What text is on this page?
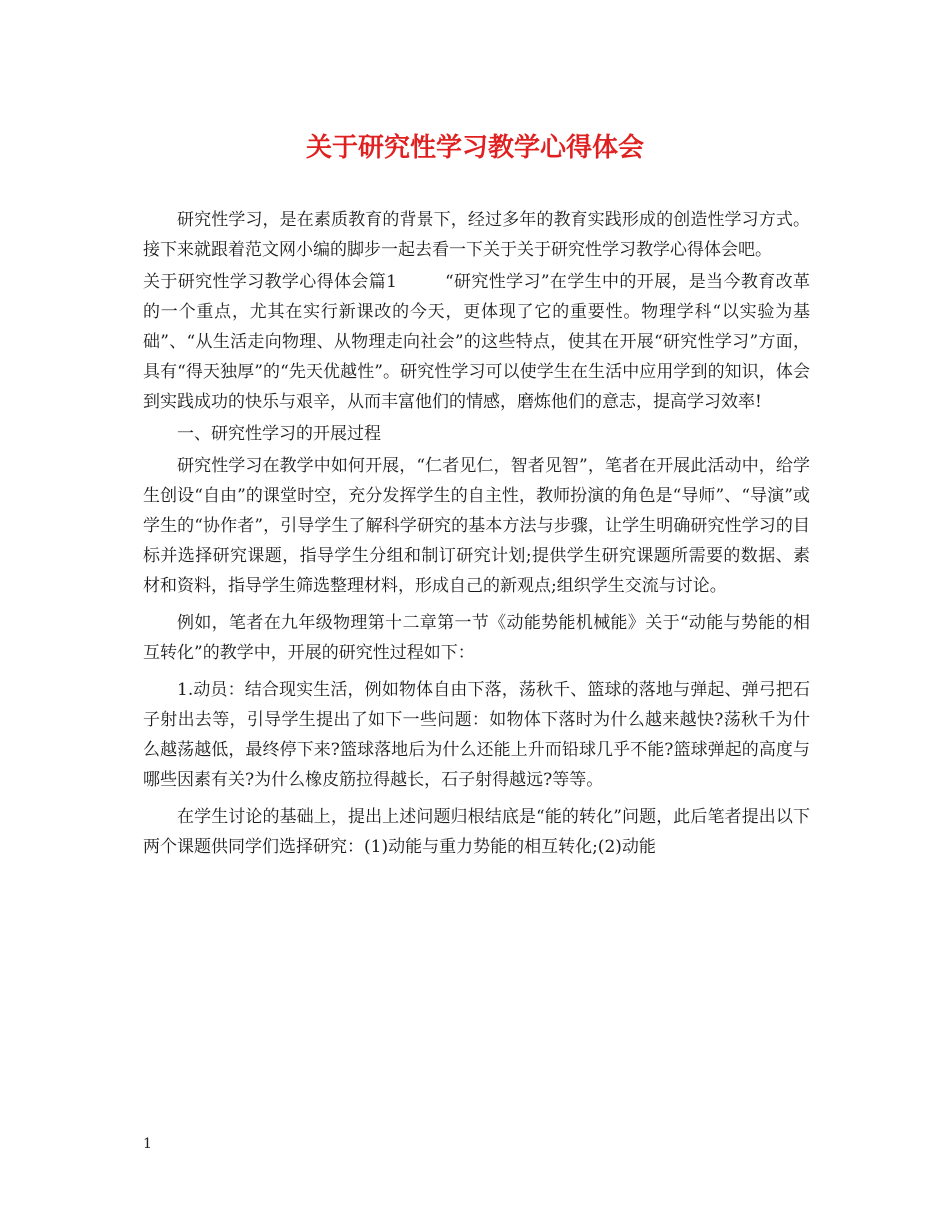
关于研究性学习教学心得体会

研究性学习，是在素质教育的背景下，经过多年的教育实践形成的创造性学习方式。接下来就跟着范文网小编的脚步一起去看一下关于关于研究性学习教学心得体会吧。

关于研究性学习教学心得体会篇1	“研究性学习”在学生中的开展，是当今教育改革的一个重点，尤其在实行新课改的今天，更体现了它的重要性。物理学科“以实验为基础”、“从生活走向物理、从物理走向社会”的这些特点，使其在开展“研究性学习”方面，具有“得天独厚”的“先天优越性”。研究性学习可以使学生在生活中应用学到的知识，体会到实践成功的快乐与艰辛，从而丰富他们的情感，磨炼他们的意志，提高学习效率!

一、研究性学习的开展过程

研究性学习在教学中如何开展，“仁者见仁，智者见智”，笔者在开展此活动中，给学生创设“自由”的课堂时空，充分发挥学生的自主性，教师扮演的角色是“导师”、“导演”或学生的“协作者”，引导学生了解科学研究的基本方法与步骤，让学生明确研究性学习的目标并选择研究课题，指导学生分组和制订研究计划;提供学生研究课题所需要的数据、素材和资料，指导学生筛选整理材料，形成自己的新观点;组织学生交流与讨论。

例如，笔者在九年级物理第十二章第一节《动能势能机械能》关于“动能与势能的相互转化”的教学中，开展的研究性过程如下：

1.动员：结合现实生活，例如物体自由下落，荡秋千、篮球的落地与弹起、弹弓把石子射出去等，引导学生提出了如下一些问题：如物体下落时为什么越来越快?荡秋千为什么越荡越低，最终停下来?篮球落地后为什么还能上升而铅球几乎不能?篮球弹起的高度与哪些因素有关?为什么橡皮筋拉得越长，石子射得越远?等等。

在学生讨论的基础上，提出上述问题归根结底是“能的转化”问题，此后笔者提出以下两个课题供同学们选择研究：(1)动能与重力势能的相互转化;(2)动能

1
